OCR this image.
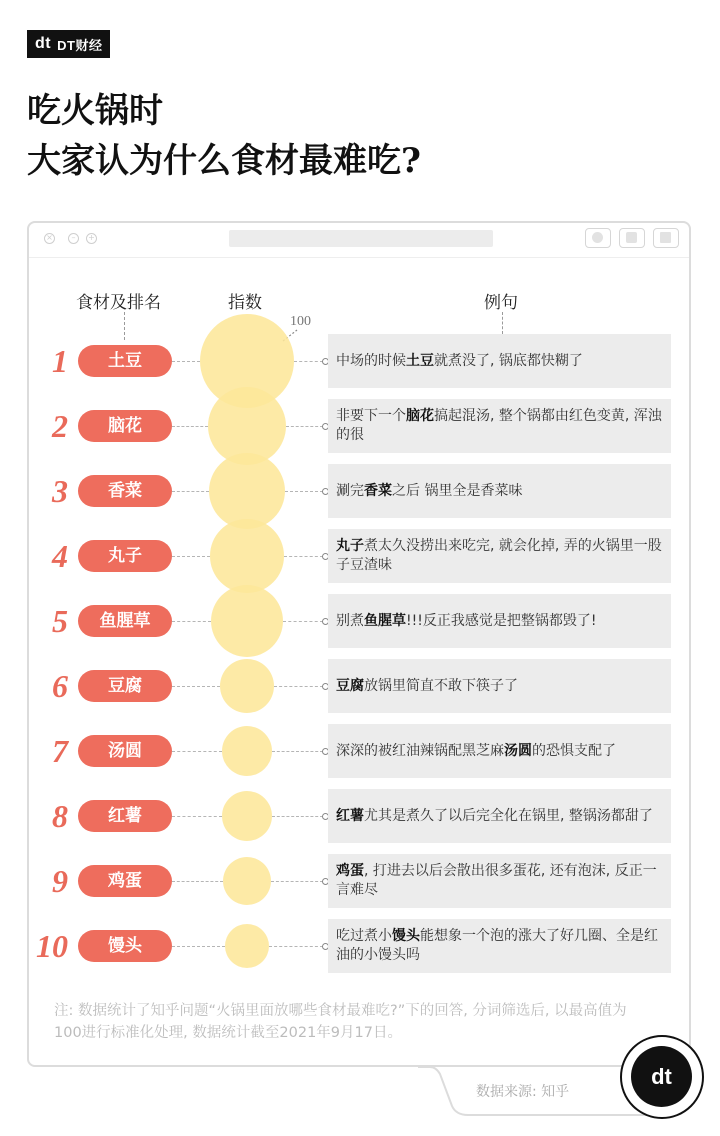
dt DT财经
吃火锅时
大家认为什么食材最难吃?
×	–	+
食材及排名	指数	例句
100
1	土豆	中场的时候土豆就煮没了, 锅底都快糊了
2	脑花	非要下一个脑花搞起混汤, 整个锅都由红色变黄, 浑浊的很
3	香菜	涮完香菜之后 锅里全是香菜味
4	丸子	丸子煮太久没捞出来吃完, 就会化掉, 弄的火锅里一股子豆渣味
5	鱼腥草	别煮鱼腥草!!!反正我感觉是把整锅都毁了!
6	豆腐	豆腐放锅里简直不敢下筷子了
7	汤圆	深深的被红油辣锅配黑芝麻汤圆的恐惧支配了
8	红薯	红薯尤其是煮久了以后完全化在锅里, 整锅汤都甜了
9	鸡蛋	鸡蛋, 打进去以后会散出很多蛋花, 还有泡沫, 反正一言难尽
10	馒头	吃过煮小馒头能想象一个泡的涨大了好几圈、全是红油的小馒头吗
注: 数据统计了知乎问题“火锅里面放哪些食材最难吃?”下的回答, 分词筛选后, 以最高值为100进行标准化处理, 数据统计截至2021年9月17日。
数据来源: 知乎
dt
